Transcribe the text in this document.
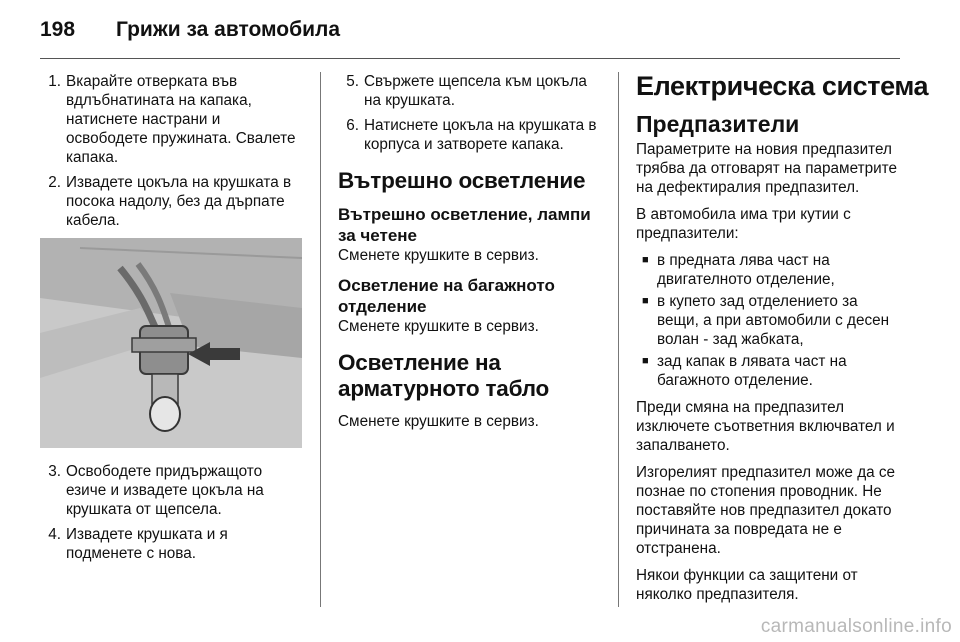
198 Грижи за автомобила
1. Вкарайте отверката във вдлъбнатината на капака, натиснете настрани и освободете пружината. Свалете капака.
2. Извадете цокъла на крушката в посока надолу, без да дърпате кабела.
3. Освободете придържащото езиче и извадете цокъла на крушката от щепсела.
4. Извадете крушката и я подменете с нова.
5. Свържете щепсела към цокъла на крушката.
6. Натиснете цокъла на крушката в корпуса и затворете капака.
Вътрешно осветление
Вътрешно осветление, лампи за четене

Сменете крушките в сервиз.

Осветление на багажното отделение

Сменете крушките в сервиз.

Осветление на арматурното табло

Сменете крушките в сервиз.

Електрическа система
Предпазители

Параметрите на новия предпазител трябва да отговарят на параметрите на дефектиралия предпазител.

В автомобила има три кутии с предпазители:

■ в предната лява част на двигателното отделение,
■ в купето зад отделението за вещи, а при автомобили с десен волан - зад жабката,
■ зад капак в лявата част на багажното отделение.

Преди смяна на предпазител изключете съответния включвател и запалването.

Изгорелият предпазител може да се познае по стопения проводник. Не поставяйте нов предпазител докато причината за повредата не е отстранена.

Някои функции са защитени от няколко предпазителя.

carmanualsonline.info
